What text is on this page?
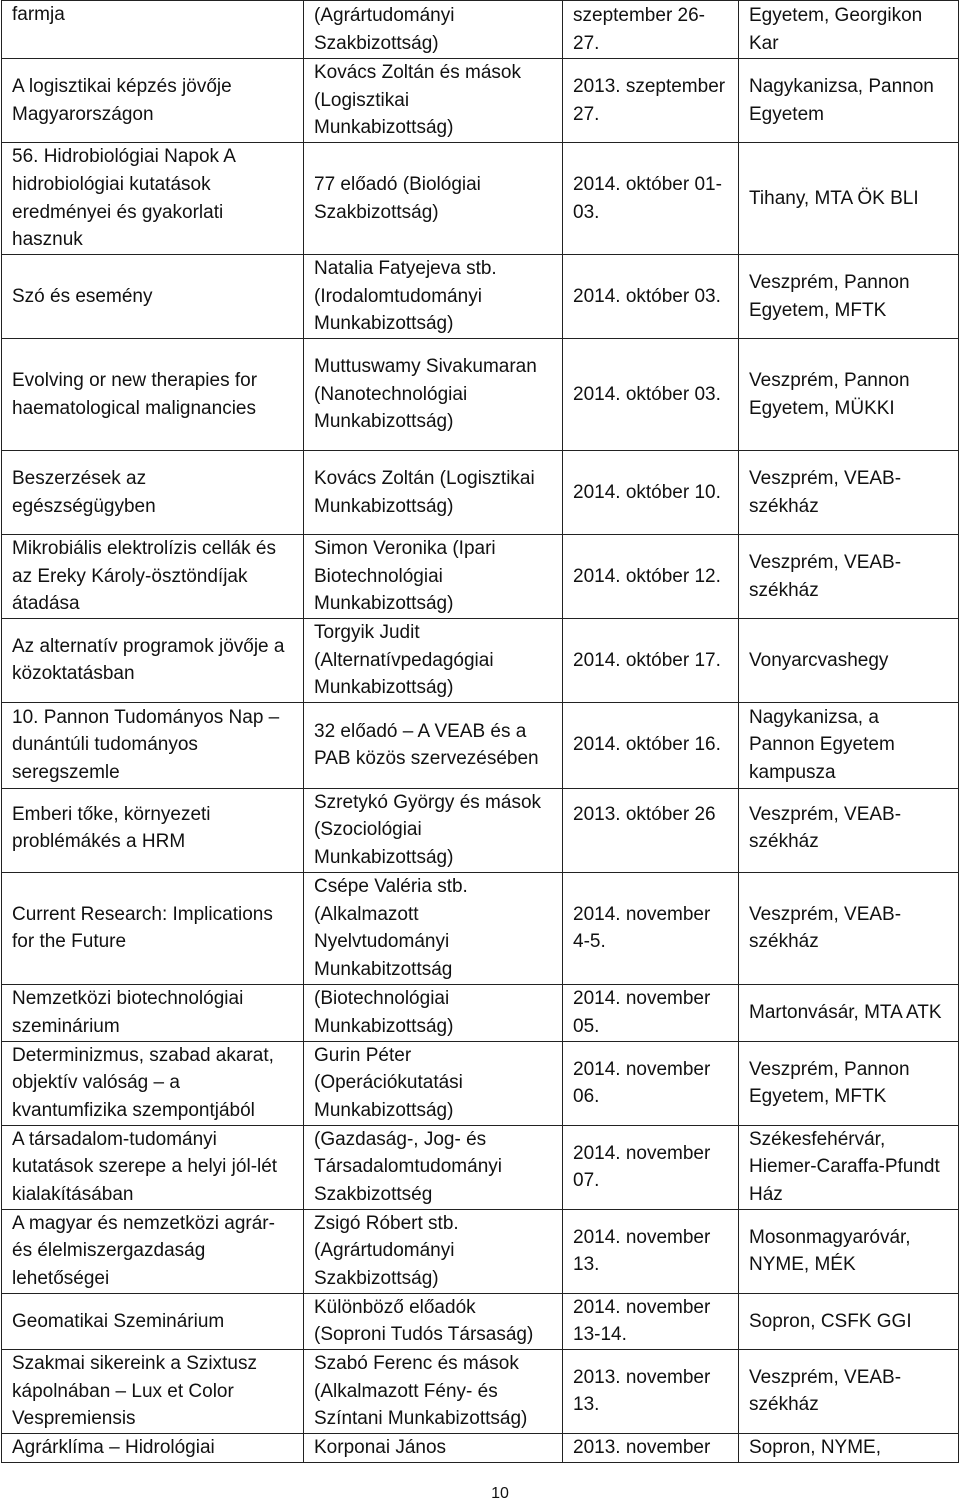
farmja	(Agrártudományi Szakbizottság)	szeptember 26-27.	Egyetem, Georgikon Kar
A logisztikai képzés jövője Magyarországon	Kovács Zoltán és mások (Logisztikai Munkabizottság)	2013. szeptember 27.	Nagykanizsa, Pannon Egyetem
56. Hidrobiológiai Napok A hidrobiológiai kutatások eredményei és gyakorlati hasznuk	77 előadó (Biológiai Szakbizottság)	2014. október 01-03.	Tihany, MTA ÖK BLI
Szó és esemény	Natalia Fatyejeva stb. (Irodalomtudományi Munkabizottság)	2014. október 03.	Veszprém, Pannon Egyetem, MFTK
Evolving or new therapies for haematological malignancies	Muttuswamy Sivakumaran (Nanotechnológiai Munkabizottság)	2014. október 03.	Veszprém, Pannon Egyetem, MÜKKI
Beszerzések az egészségügyben	Kovács Zoltán (Logisztikai Munkabizottság)	2014. október 10.	Veszprém, VEAB-székház
Mikrobiális elektrolízis cellák és az Ereky Károly-ösztöndíjak átadása	Simon Veronika (Ipari Biotechnológiai Munkabizottság)	2014. október 12.	Veszprém, VEAB-székház
Az alternatív programok jövője a közoktatásban	Torgyik Judit (Alternatívpedagógiai Munkabizottság)	2014. október 17.	Vonyarcvashegy
10. Pannon Tudományos Nap – dunántúli tudományos seregszemle	32 előadó – A VEAB és a PAB közös szervezésében	2014. október 16.	Nagykanizsa, a Pannon Egyetem kampusza
Emberi tőke, környezeti problémákés a HRM	Szretykó György és mások (Szociológiai Munkabizottság)	2013. október 26	Veszprém, VEAB-székház
Current Research: Implications for the Future	Csépe Valéria stb. (Alkalmazott Nyelvtudományi Munkabitzottság	2014. november 4-5.	Veszprém, VEAB-székház
Nemzetközi biotechnológiai szeminárium	(Biotechnológiai Munkabizottság)	2014. november 05.	Martonvásár, MTA ATK
Determinizmus, szabad akarat, objektív valóság – a kvantumfizika szempontjából	Gurin Péter (Operációkutatási Munkabizottság)	2014. november 06.	Veszprém, Pannon Egyetem, MFTK
A társadalom-tudományi kutatások szerepe a helyi jól-lét kialakításában	(Gazdaság-, Jog- és Társadalomtudományi Szakbizottség	2014. november 07.	Székesfehérvár, Hiemer-Caraffa-Pfundt Ház
A magyar és nemzetközi agrár- és élelmiszergazdaság lehetőségei	Zsigó Róbert stb. (Agrártudományi Szakbizottság)	2014. november 13.	Mosonmagyaróvár, NYME, MÉK
Geomatikai Szeminárium	Különböző előadók (Soproni Tudós Társaság)	2014. november 13-14.	Sopron, CSFK GGI
Szakmai sikereink a Szixtusz kápolnában – Lux et Color Vespremiensis	Szabó Ferenc és mások (Alkalmazott Fény- és Színtani Munkabizottság)	2013. november 13.	Veszprém, VEAB-székház
Agrárklíma – Hidrológiai	Korponai János	2013. november	Sopron, NYME,
10
